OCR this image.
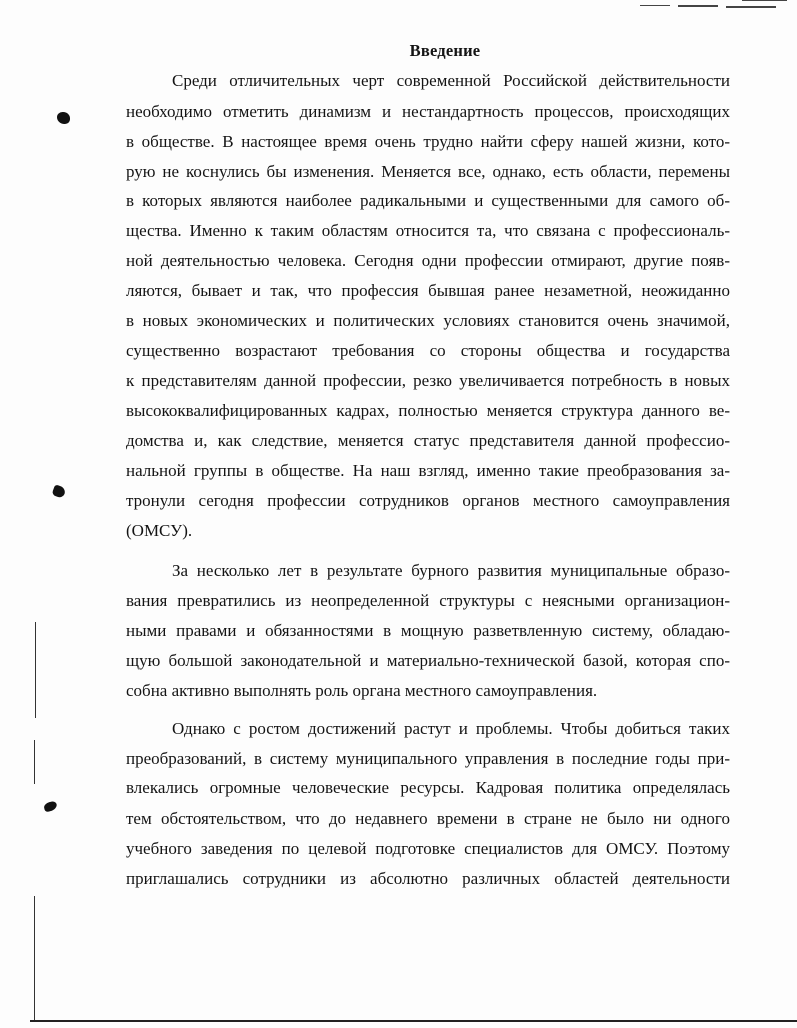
Введение
Среди отличительных черт современной Российской действительности
необходимо отметить динамизм и нестандартность процессов, происходящих
в обществе. В настоящее время очень трудно найти сферу нашей жизни, кото-
рую не коснулись бы изменения. Меняется все, однако, есть области, перемены
в которых являются наиболее радикальными и существенными для самого об-
щества. Именно к таким областям относится та, что связана с профессиональ-
ной деятельностью человека. Сегодня одни профессии отмирают, другие появ-
ляются, бывает и так, что профессия бывшая ранее незаметной, неожиданно
в новых экономических и политических условиях становится очень значимой,
существенно возрастают требования со стороны общества и государства
к представителям данной профессии, резко увеличивается потребность в новых
высококвалифицированных кадрах, полностью меняется структура данного ве-
домства и, как следствие, меняется статус представителя данной профессио-
нальной группы в обществе. На наш взгляд, именно такие преобразования за-
тронули сегодня профессии сотрудников органов местного самоуправления
(ОМСУ).
За несколько лет в результате бурного развития муниципальные образо-
вания превратились из неопределенной структуры с неясными организацион-
ными правами и обязанностями в мощную разветвленную систему, обладаю-
щую большой законодательной и материально-технической базой, которая спо-
собна активно выполнять роль органа местного самоуправления.
Однако с ростом достижений растут и проблемы. Чтобы добиться таких
преобразований, в систему муниципального управления в последние годы при-
влекались огромные человеческие ресурсы. Кадровая политика определялась
тем обстоятельством, что до недавнего времени в стране не было ни одного
учебного заведения по целевой подготовке специалистов для ОМСУ. Поэтому
приглашались сотрудники из абсолютно различных областей деятельности
